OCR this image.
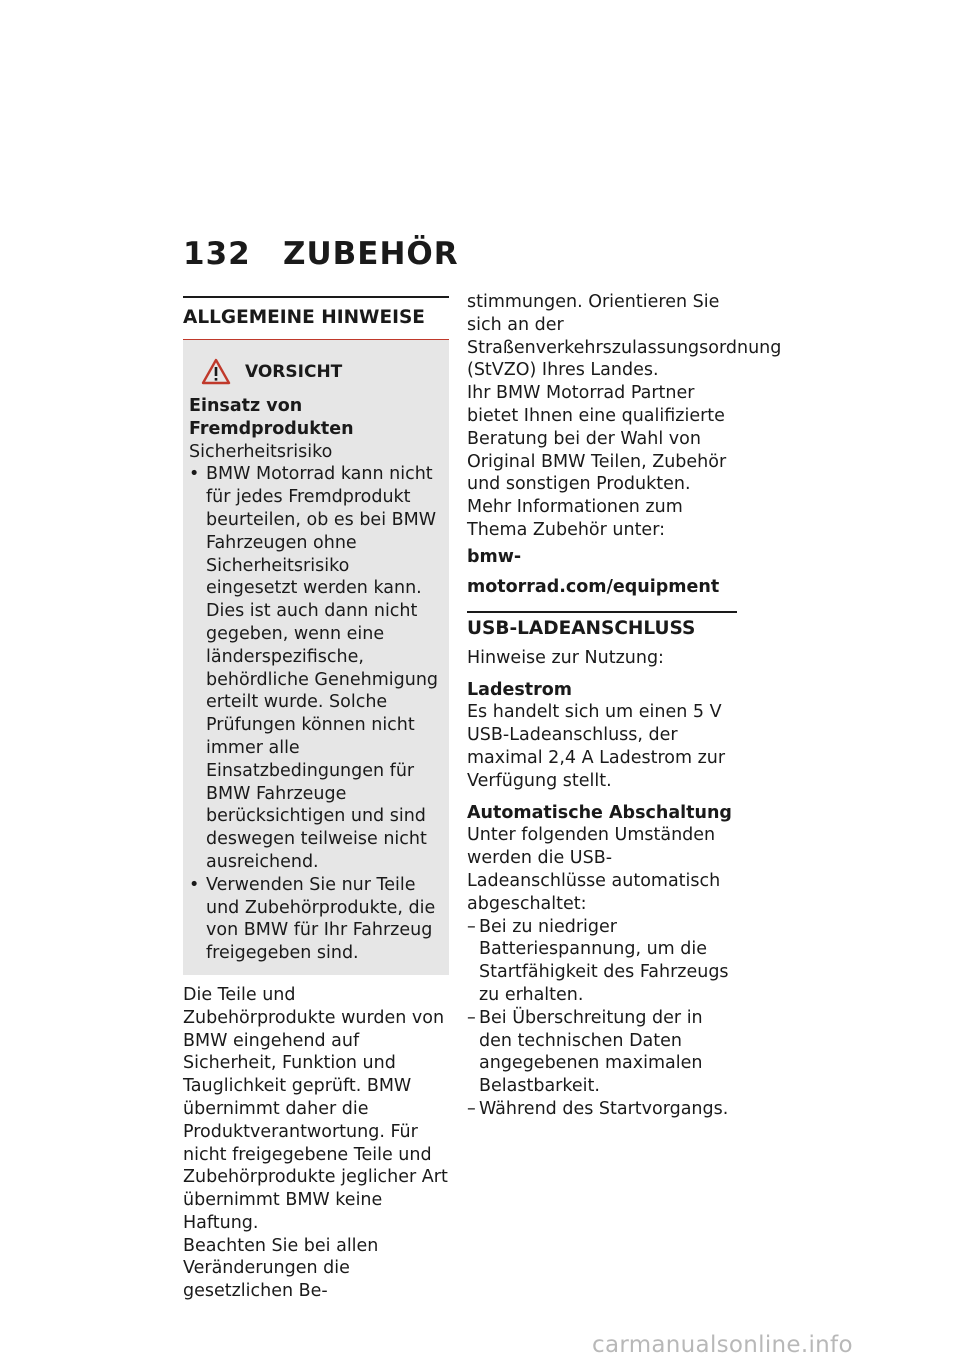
132 ZUBEHÖR
ALLGEMEINE HINWEISE
VORSICHT

Einsatz von Fremdprodukten

Sicherheitsrisiko

• BMW Motorrad kann nicht für jedes Fremdprodukt beurteilen, ob es bei BMW Fahrzeugen ohne Sicherheitsrisiko eingesetzt werden kann. Dies ist auch dann nicht gegeben, wenn eine länderspezifische, behördliche Genehmigung erteilt wurde. Solche Prüfungen können nicht immer alle Einsatzbedingungen für BMW Fahrzeuge berücksichtigen und sind deswegen teilweise nicht ausreichend.
• Verwenden Sie nur Teile und Zubehörprodukte, die von BMW für Ihr Fahrzeug freigegeben sind.

Die Teile und Zubehörprodukte wurden von BMW eingehend auf Sicherheit, Funktion und Tauglichkeit geprüft. BMW übernimmt daher die Produktverantwortung. Für nicht freigegebene Teile und Zubehörprodukte jeglicher Art übernimmt BMW keine Haftung.

Beachten Sie bei allen Veränderungen die gesetzlichen Be-

stimmungen. Orientieren Sie sich an der Straßenverkehrszulassungsordnung (StVZO) Ihres Landes.

Ihr BMW Motorrad Partner bietet Ihnen eine qualifizierte Beratung bei der Wahl von Original BMW Teilen, Zubehör und sonstigen Produkten.

Mehr Informationen zum Thema Zubehör unter:

bmw-motorrad.com/equipment

USB-LADEANSCHLUSS

Hinweise zur Nutzung:

Ladestrom

Es handelt sich um einen 5 V USB-Ladeanschluss, der maximal 2,4 A Ladestrom zur Verfügung stellt.

Automatische Abschaltung

Unter folgenden Umständen werden die USB-Ladeanschlüsse automatisch abgeschaltet:

– Bei zu niedriger Batteriespannung, um die Startfähigkeit des Fahrzeugs zu erhalten.
– Bei Überschreitung der in den technischen Daten angegebenen maximalen Belastbarkeit.
– Während des Startvorgangs.
carmanualsonline.info
